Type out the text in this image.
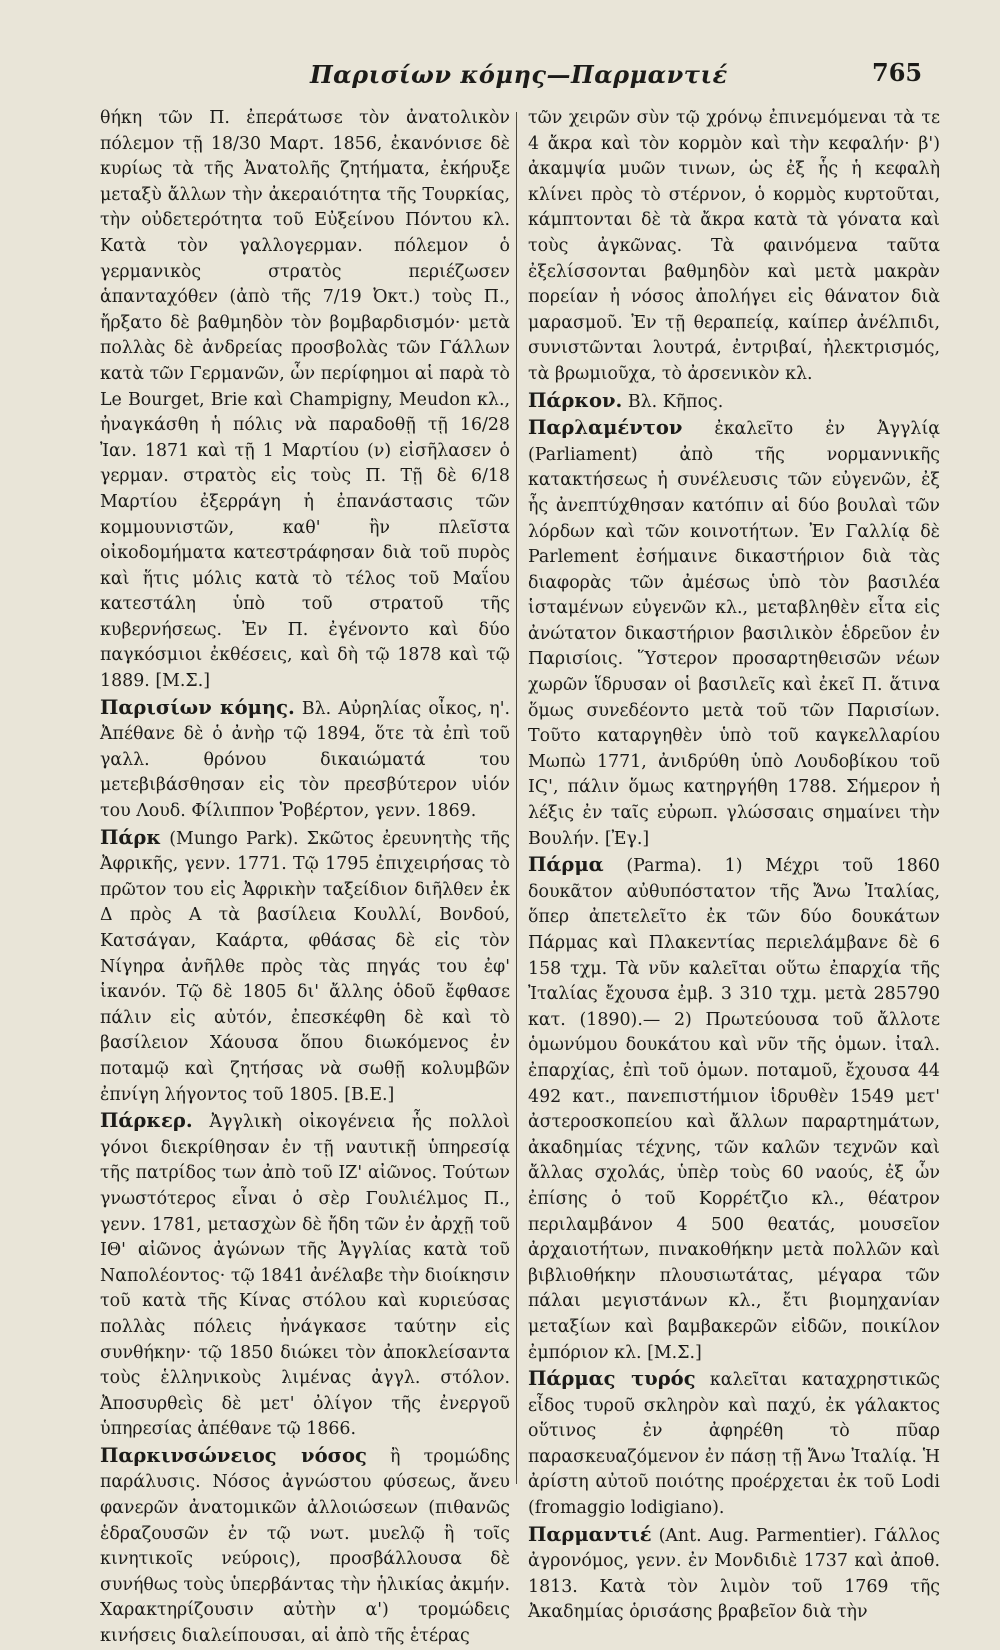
Παρισίων κόμης—Παρμαντιέ	765

θήκη τῶν Π. ἐπεράτωσε τὸν ἀνατολικὸν πόλεμον τῇ 18/30 Μαρτ. 1856, ἐκανόνισε δὲ κυρίως τὰ τῆς Ἀνατολῆς ζητήματα, ἐκήρυξε μεταξὺ ἄλλων τὴν ἀκεραιότητα τῆς Τουρκίας, τὴν οὐδετερότητα τοῦ Εὐξείνου Πόντου κλ. Κατὰ τὸν γαλλογερμαν. πόλεμον ὁ γερμανικὸς στρατὸς περιέζωσεν ἁπανταχόθεν (ἀπὸ τῆς 7/19 Ὀκτ.) τοὺς Π., ἤρξατο δὲ βαθμηδὸν τὸν βομβαρδισμόν· μετὰ πολλὰς δὲ ἀνδρείας προσβολὰς τῶν Γάλλων κατὰ τῶν Γερμανῶν, ὧν περίφημοι αἱ παρὰ τὸ Le Bourget, Brie καὶ Champigny, Meudon κλ., ἠναγκάσθη ἡ πόλις νὰ παραδοθῇ τῇ 16/28 Ἰαν. 1871 καὶ τῇ 1 Μαρτίου (ν) εἰσῆλασεν ὁ γερμαν. στρατὸς εἰς τοὺς Π. Τῇ δὲ 6/18 Μαρτίου ἐξερράγη ἡ ἐπανάστασις τῶν κομμουνιστῶν, καθ' ἣν πλεῖστα οἰκοδομήματα κατεστράφησαν διὰ τοῦ πυρὸς καὶ ἥτις μόλις κατὰ τὸ τέλος τοῦ Μαΐου κατεστάλη ὑπὸ τοῦ στρατοῦ τῆς κυβερνήσεως. Ἐν Π. ἐγένοντο καὶ δύο παγκόσμιοι ἐκθέσεις, καὶ δὴ τῷ 1878 καὶ τῷ 1889. [Μ.Σ.]

Παρισίων κόμης. Βλ. Αὐρηλίας οἶκος, η'. Ἀπέθανε δὲ ὁ ἀνὴρ τῷ 1894, ὅτε τὰ ἐπὶ τοῦ γαλλ. θρόνου δικαιώματά του μετεβιβάσθησαν εἰς τὸν πρεσβύτερον υἱόν του Λουδ. Φίλιππον Ῥοβέρτον, γενν. 1869.

Πάρκ (Mungo Park). Σκῶτος ἐρευνητὴς τῆς Ἀφρικῆς, γενν. 1771. Τῷ 1795 ἐπιχειρήσας τὸ πρῶτον του εἰς Ἀφρικὴν ταξείδιον διῆλθεν ἐκ Δ πρὸς Α τὰ βασίλεια Κουλλί, Βονδού, Κατσάγαν, Καάρτα, φθάσας δὲ εἰς τὸν Νίγηρα ἀνῆλθε πρὸς τὰς πηγάς του ἐφ' ἱκανόν. Τῷ δὲ 1805 δι' ἄλλης ὁδοῦ ἔφθασε πάλιν εἰς αὐτόν, ἐπεσκέφθη δὲ καὶ τὸ βασίλειον Χάουσα ὅπου διωκόμενος ἐν ποταμῷ καὶ ζητήσας νὰ σωθῇ κολυμβῶν ἐπνίγη λήγοντος τοῦ 1805. [Β.Ε.]

Πάρκερ. Ἀγγλικὴ οἰκογένεια ἧς πολλοὶ γόνοι διεκρίθησαν ἐν τῇ ναυτικῇ ὑπηρεσίᾳ τῆς πατρίδος των ἀπὸ τοῦ ΙΖ' αἰῶνος. Τούτων γνωστότερος εἶναι ὁ σὲρ Γουλιέλμος Π., γενν. 1781, μετασχὼν δὲ ἤδη τῶν ἐν ἀρχῇ τοῦ ΙΘ' αἰῶνος ἀγώνων τῆς Ἀγγλίας κατὰ τοῦ Ναπολέοντος· τῷ 1841 ἀνέλαβε τὴν διοίκησιν τοῦ κατὰ τῆς Κίνας στόλου καὶ κυριεύσας πολλὰς πόλεις ἠνάγκασε ταύτην εἰς συνθήκην· τῷ 1850 διώκει τὸν ἀποκλείσαντα τοὺς ἑλληνικοὺς λιμένας ἀγγλ. στόλον. Ἀποσυρθεὶς δὲ μετ' ὀλίγον τῆς ἐνεργοῦ ὑπηρεσίας ἀπέθανε τῷ 1866.

Παρκινσώνειος νόσος ἢ τρομώδης παράλυσις. Νόσος ἀγνώστου φύσεως, ἄνευ φανερῶν ἀνατομικῶν ἀλλοιώσεων (πιθανῶς ἑδραζουσῶν ἐν τῷ νωτ. μυελῷ ἢ τοῖς κινητικοῖς νεύροις), προσβάλλουσα δὲ συνήθως τοὺς ὑπερβάντας τὴν ἡλικίας ἀκμήν. Χαρακτηρίζουσιν αὐτὴν α') τρομώδεις κινήσεις διαλείπουσαι, αἱ ἀπὸ τῆς ἑτέρας

τῶν χειρῶν σὺν τῷ χρόνῳ ἐπινεμόμεναι τὰ τε 4 ἄκρα καὶ τὸν κορμὸν καὶ τὴν κεφαλήν· β') ἀκαμψία μυῶν τινων, ὡς ἐξ ἧς ἡ κεφαλὴ κλίνει πρὸς τὸ στέρνον, ὁ κορμὸς κυρτοῦται, κάμπτονται δὲ τὰ ἄκρα κατὰ τὰ γόνατα καὶ τοὺς ἀγκῶνας. Τὰ φαινόμενα ταῦτα ἐξελίσσονται βαθμηδὸν καὶ μετὰ μακρὰν πορείαν ἡ νόσος ἀπολήγει εἰς θάνατον διὰ μαρασμοῦ. Ἐν τῇ θεραπείᾳ, καίπερ ἀνέλπιδι, συνιστῶνται λουτρά, ἐντριβαί, ἠλεκτρισμός, τὰ βρωμιοῦχα, τὸ ἀρσενικὸν κλ.

Πάρκον. Βλ. Κῆπος.

Παρλαμέντον ἐκαλεῖτο ἐν Ἀγγλίᾳ (Parliament) ἀπὸ τῆς νορμαννικῆς κατακτήσεως ἡ συνέλευσις τῶν εὐγενῶν, ἐξ ἧς ἀνεπτύχθησαν κατόπιν αἱ δύο βουλαὶ τῶν λόρδων καὶ τῶν κοινοτήτων. Ἐν Γαλλίᾳ δὲ Parlement ἐσήμαινε δικαστήριον διὰ τὰς διαφορὰς τῶν ἀμέσως ὑπὸ τὸν βασιλέα ἱσταμένων εὐγενῶν κλ., μεταβληθὲν εἶτα εἰς ἀνώτατον δικαστήριον βασιλικὸν ἑδρεῦον ἐν Παρισίοις. Ὕστερον προσαρτηθεισῶν νέων χωρῶν ἵδρυσαν οἱ βασιλεῖς καὶ ἐκεῖ Π. ἅτινα ὅμως συνεδέοντο μετὰ τοῦ τῶν Παρισίων. Τοῦτο καταργηθὲν ὑπὸ τοῦ καγκελλαρίου Μωπὼ 1771, ἀνιδρύθη ὑπὸ Λουδοβίκου τοῦ ΙϚ', πάλιν ὅμως κατηργήθη 1788. Σήμερον ἡ λέξις ἐν ταῖς εὐρωπ. γλώσσαις σημαίνει τὴν Βουλήν. [Ἐγ.]

Πάρμα (Parma). 1) Μέχρι τοῦ 1860 δουκᾶτον αὐθυπόστατον τῆς Ἄνω Ἰταλίας, ὅπερ ἀπετελεῖτο ἐκ τῶν δύο δουκάτων Πάρμας καὶ Πλακεντίας περιελάμβανε δὲ 6 158 τχμ. Τὰ νῦν καλεῖται οὕτω ἐπαρχία τῆς Ἰταλίας ἔχουσα ἐμβ. 3 310 τχμ. μετὰ 285790 κατ. (1890).— 2) Πρωτεύουσα τοῦ ἄλλοτε ὁμωνύμου δουκάτου καὶ νῦν τῆς ὁμων. ἰταλ. ἐπαρχίας, ἐπὶ τοῦ ὁμων. ποταμοῦ, ἔχουσα 44 492 κατ., πανεπιστήμιον ἱδρυθὲν 1549 μετ' ἀστεροσκοπείου καὶ ἄλλων παραρτημάτων, ἀκαδημίας τέχνης, τῶν καλῶν τεχνῶν καὶ ἄλλας σχολάς, ὑπὲρ τοὺς 60 ναούς, ἐξ ὧν ἐπίσης ὁ τοῦ Κορρέτζιο κλ., θέατρον περιλαμβάνον 4 500 θεατάς, μουσεῖον ἀρχαιοτήτων, πινακοθήκην μετὰ πολλῶν καὶ βιβλιοθήκην πλουσιωτάτας, μέγαρα τῶν πάλαι μεγιστάνων κλ., ἔτι βιομηχανίαν μεταξίων καὶ βαμβακερῶν εἰδῶν, ποικίλον ἐμπόριον κλ. [Μ.Σ.]

Πάρμας τυρός καλεῖται καταχρηστικῶς εἶδος τυροῦ σκληρὸν καὶ παχύ, ἐκ γάλακτος οὕτινος ἐν ἀφηρέθη τὸ πῦαρ παρασκευαζόμενον ἐν πάσῃ τῇ Ἄνω Ἰταλίᾳ. Ἡ ἀρίστη αὐτοῦ ποιότης προέρχεται ἐκ τοῦ Lodi (fromaggio lodigiano).

Παρμαντιέ (Ant. Aug. Parmentier). Γάλλος ἀγρονόμος, γενν. ἐν Μονδιδιὲ 1737 καὶ ἀποθ. 1813. Κατὰ τὸν λιμὸν τοῦ 1769 τῆς Ἀκαδημίας ὁρισάσης βραβεῖον διὰ τὴν
